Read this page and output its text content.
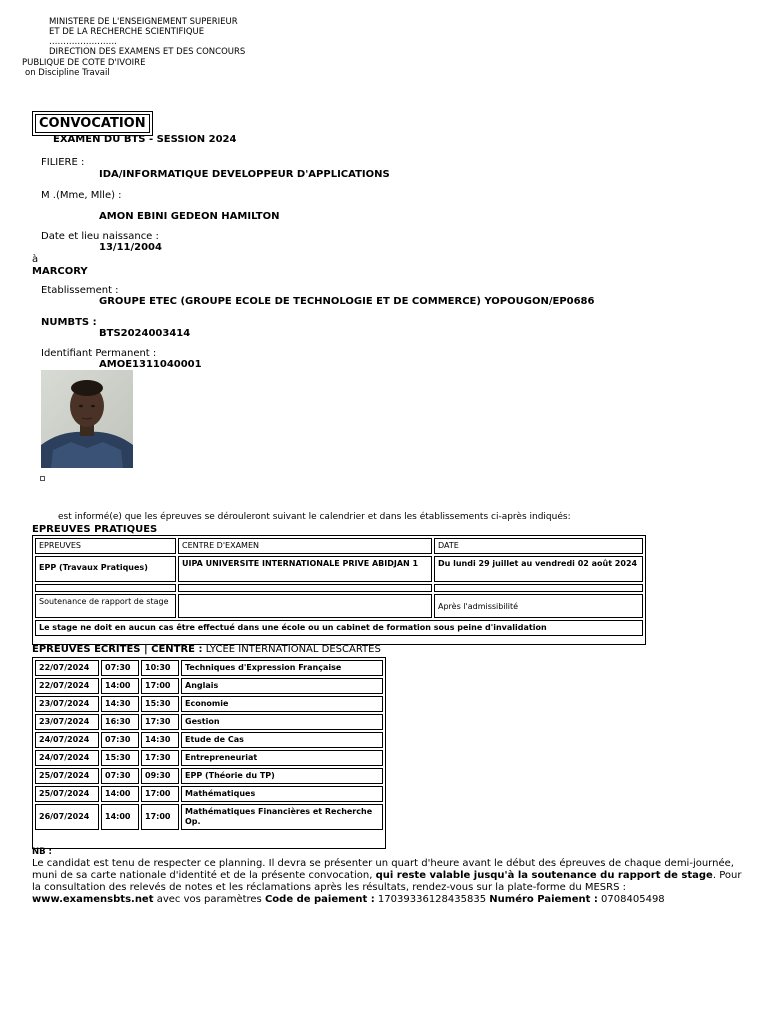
MINISTERE DE L'ENSEIGNEMENT SUPERIEUR
ET DE LA RECHERCHE SCIENTIFIQUE
……………………
DIRECTION DES EXAMENS ET DES CONCOURS
PUBLIQUE DE COTE D'IVOIRE
on Discipline Travail
CONVOCATION
EXAMEN DU BTS - SESSION 2024
FILIERE :
IDA/INFORMATIQUE DEVELOPPEUR D'APPLICATIONS
M .(Mme, Mlle) :
AMON EBINI GEDEON HAMILTON
Date et lieu naissance :
13/11/2004
à
MARCORY
Etablissement :
GROUPE ETEC (GROUPE ECOLE DE TECHNOLOGIE ET DE COMMERCE) YOPOUGON/EP0686
NUMBTS :
BTS2024003414
Identifiant Permanent :
AMOE1311040001
est informé(e) que les épreuves se dérouleront suivant le calendrier et dans les établissements ci-après indiqués:
EPREUVES PRATIQUES
EPREUVES	CENTRE D'EXAMEN	DATE
EPP (Travaux Pratiques)	UIPA UNIVERSITE INTERNATIONALE PRIVE ABIDJAN 1	Du lundi 29 juillet au vendredi 02 août 2024

Soutenance de rapport de stage		Après l'admissibilité
Le stage ne doit en aucun cas être effectué dans une école ou un cabinet de formation sous peine d'invalidation		
EPREUVES ECRITES | CENTRE : LYCEE INTERNATIONAL DESCARTES
22/07/2024	07:30	10:30	Techniques d'Expression Française
22/07/2024	14:00	17:00	Anglais
23/07/2024	14:30	15:30	Economie
23/07/2024	16:30	17:30	Gestion
24/07/2024	07:30	14:30	Etude de Cas
24/07/2024	15:30	17:30	Entrepreneuriat
25/07/2024	07:30	09:30	EPP (Théorie du TP)
25/07/2024	14:00	17:00	Mathématiques
26/07/2024	14:00	17:00	Mathématiques Financières et Recherche Op.
NB :
Le candidat est tenu de respecter ce planning. Il devra se présenter un quart d'heure avant le début des épreuves de chaque demi-journée,
muni de sa carte nationale d'identité et de la présente convocation, qui reste valable jusqu'à la soutenance du rapport de stage. Pour
la consultation des relevés de notes et les réclamations après les résultats, rendez-vous sur la plate-forme du MESRS :
www.examensbts.net avec vos paramètres Code de paiement : 17039336128435835 Numéro Paiement : 0708405498
